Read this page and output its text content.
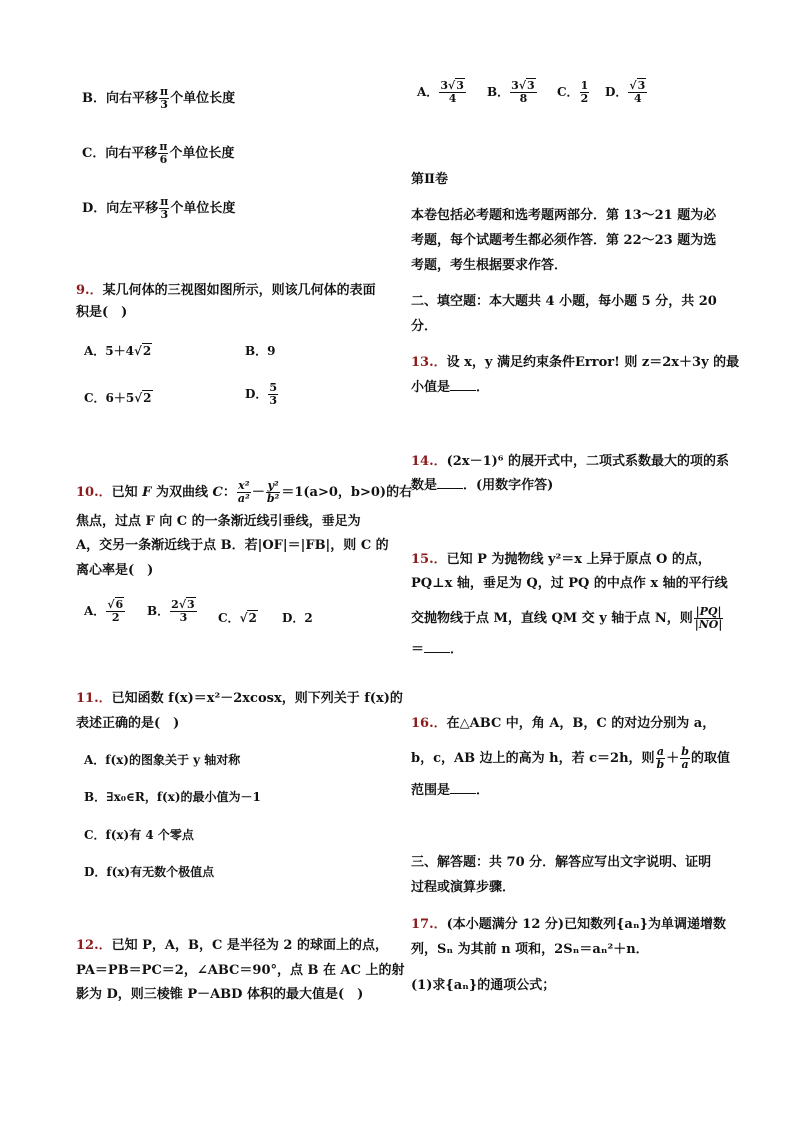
B．向右平移 $\frac{\pi}{3}$ 个单位长度
C．向右平移 $\frac{\pi}{6}$ 个单位长度
D．向左平移 $\frac{\pi}{3}$ 个单位长度
9.．某几何体的三视图如图所示，则该几何体的表面
积是(　)
A．5＋4 √ 2	B．9
C．6＋5 √ 2	D． $\frac{5}{3}$
10.．已知 F 为双曲线 C： $\frac{\text{x²}}{\text{a²}} - \frac{\text{y²}}{\text{b²}} =1(a>0$，b>0)的右
焦点，过点 F 向 C 的一条渐近线引垂线，垂足为
A，交另一条渐近线于点 B．若|OF|＝|FB|，则 C 的
离心率是(　)
A． √ $\frac{6}{2}$ B． $\frac{2 √ 3}{3}$ C． √ 2 D．2
11.．已知函数 f(x)＝x²－2xcosx，则下列关于 f(x)的
表述正确的是(　)
A．f(x)的图象关于 y 轴对称
B．∃x₀∈R，f(x)的最小值为－1
C．f(x)有 4 个零点
D．f(x)有无数个极值点
12.．已知 P，A，B，C 是半径为 2 的球面上的点，
PA＝PB＝PC＝2，∠ABC＝90°，点 B 在 AC 上的射
影为 D，则三棱锥 P－ABD 体积的最大值是(　)
A． $\frac{3 √ 3}{4}$ B． $\frac{3 √ 3}{8}$ C． $\frac{1}{2}$ D． √ $\frac{3}{4}$
第Ⅱ卷
本卷包括必考题和选考题两部分．第 13～21 题为必
考题，每个试题考生都必须作答．第 22～23 题为选
考题，考生根据要求作答．
二、填空题：本大题共 4 小题，每小题 5 分，共 20
分．
13.．设 x，y 满足约束条件Error! 则 z＝2x＋3y 的最
小值是 ．
14.．(2x－1)⁶ 的展开式中，二项式系数最大的项的系
数是 ．(用数字作答)
15.．已知 P 为抛物线 y²＝x 上异于原点 O 的点，
PQ⊥x 轴，垂足为 Q，过 PQ 的中点作 x 轴的平行线
交抛物线于点 M，直线 QM 交 y 轴于点 N，则 $\frac{|PQ|}{|NO|}$
＝ ．
16.．在△ABC 中，角 A，B，C 的对边分别为 a，
b，c，AB 边上的高为 h，若 c＝2h，则 $\frac{a}{b} + \frac{b}{a}$ 的取值
范围是 ．
三、解答题：共 70 分．解答应写出文字说明、证明
过程或演算步骤．
17.．(本小题满分 12 分)已知数列{aₙ}为单调递增数
列，Sₙ 为其前 n 项和，2Sₙ＝aₙ²＋n．
(1)求{aₙ}的通项公式；
